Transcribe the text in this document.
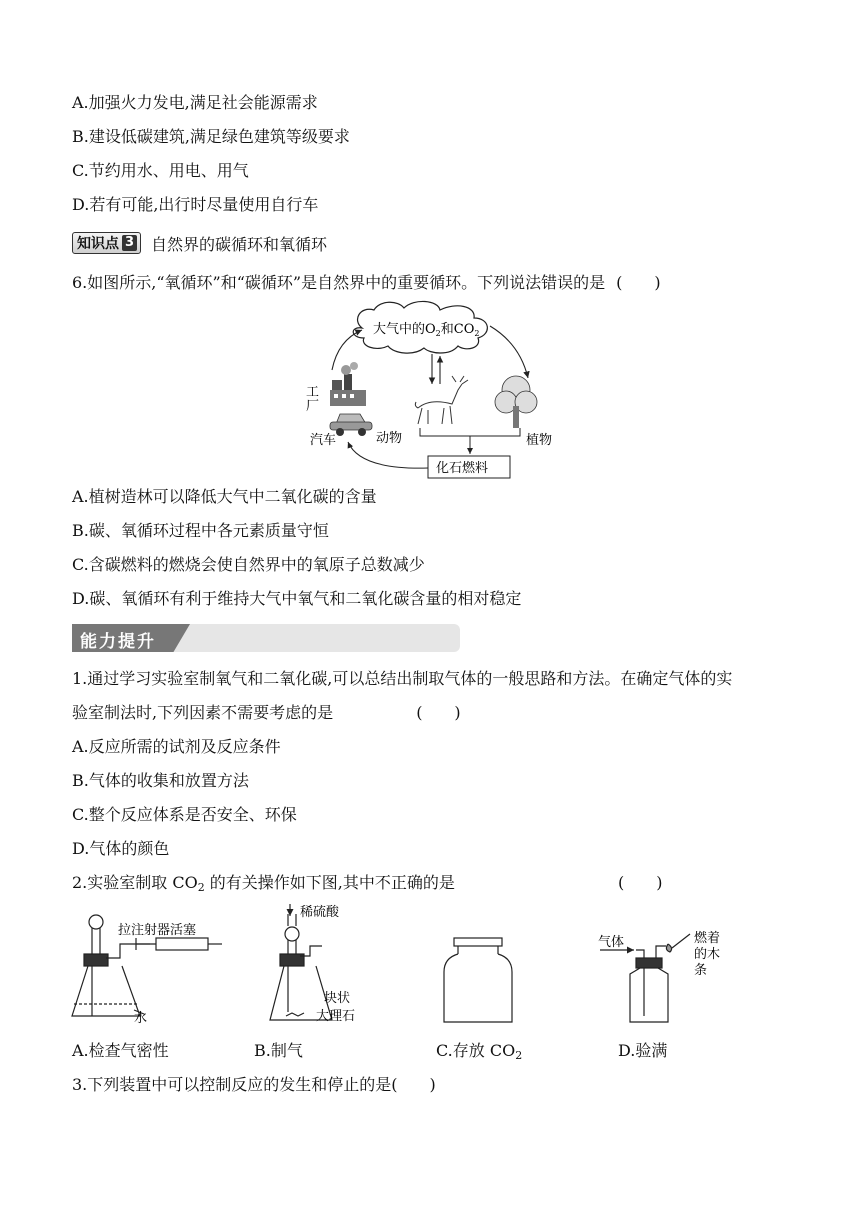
A.加强火力发电,满足社会能源需求
B.建设低碳建筑,满足绿色建筑等级要求
C.节约用水、用电、用气
D.若有可能,出行时尽量使用自行车
知识点 3 自然界的碳循环和氧循环
6.如图所示,“氧循环”和“碳循环”是自然界中的重要循环。下列说法错误的是 (　　)
大气中的$O_2$和$CO_2$
工
厂
汽车	动物	植物
化石燃料
A.植树造林可以降低大气中二氧化碳的含量
B.碳、氧循环过程中各元素质量守恒
C.含碳燃料的燃烧会使自然界中的氧原子总数减少
D.碳、氧循环有利于维持大气中氧气和二氧化碳含量的相对稳定
能力提升
1.通过学习实验室制氧气和二氧化碳,可以总结出制取气体的一般思路和方法。在确定气体的实
验室制法时,下列因素不需要考虑的是	(　　)
A.反应所需的试剂及反应条件
B.气体的收集和放置方法
C.整个反应体系是否安全、环保
D.气体的颜色
2.实验室制取 $CO_2$ 的有关操作如下图,其中不正确的是	(　　)
拉注射器活塞
水
稀硫酸
块状
大理石
气体	燃着
的木
条
A.检查气密性	B.制气	C.存放 $CO_2$	D.验满
3.下列装置中可以控制反应的发生和停止的是(　　)
